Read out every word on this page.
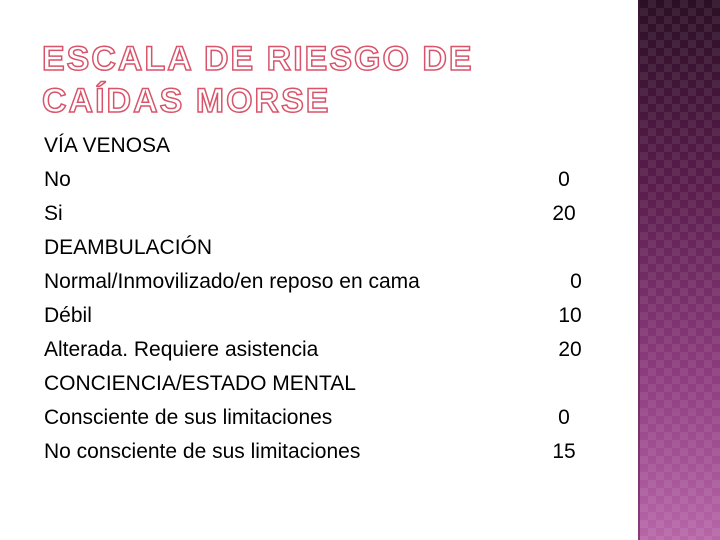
ESCALA DE RIESGO DE CAÍDAS MORSE
VÍA VENOSA
No	0
Si	20
DEAMBULACIÓN
Normal/Inmovilizado/en reposo en cama	0
Débil	10
Alterada. Requiere asistencia	20
CONCIENCIA/ESTADO MENTAL
Consciente de sus limitaciones	0
No consciente de sus limitaciones	15
